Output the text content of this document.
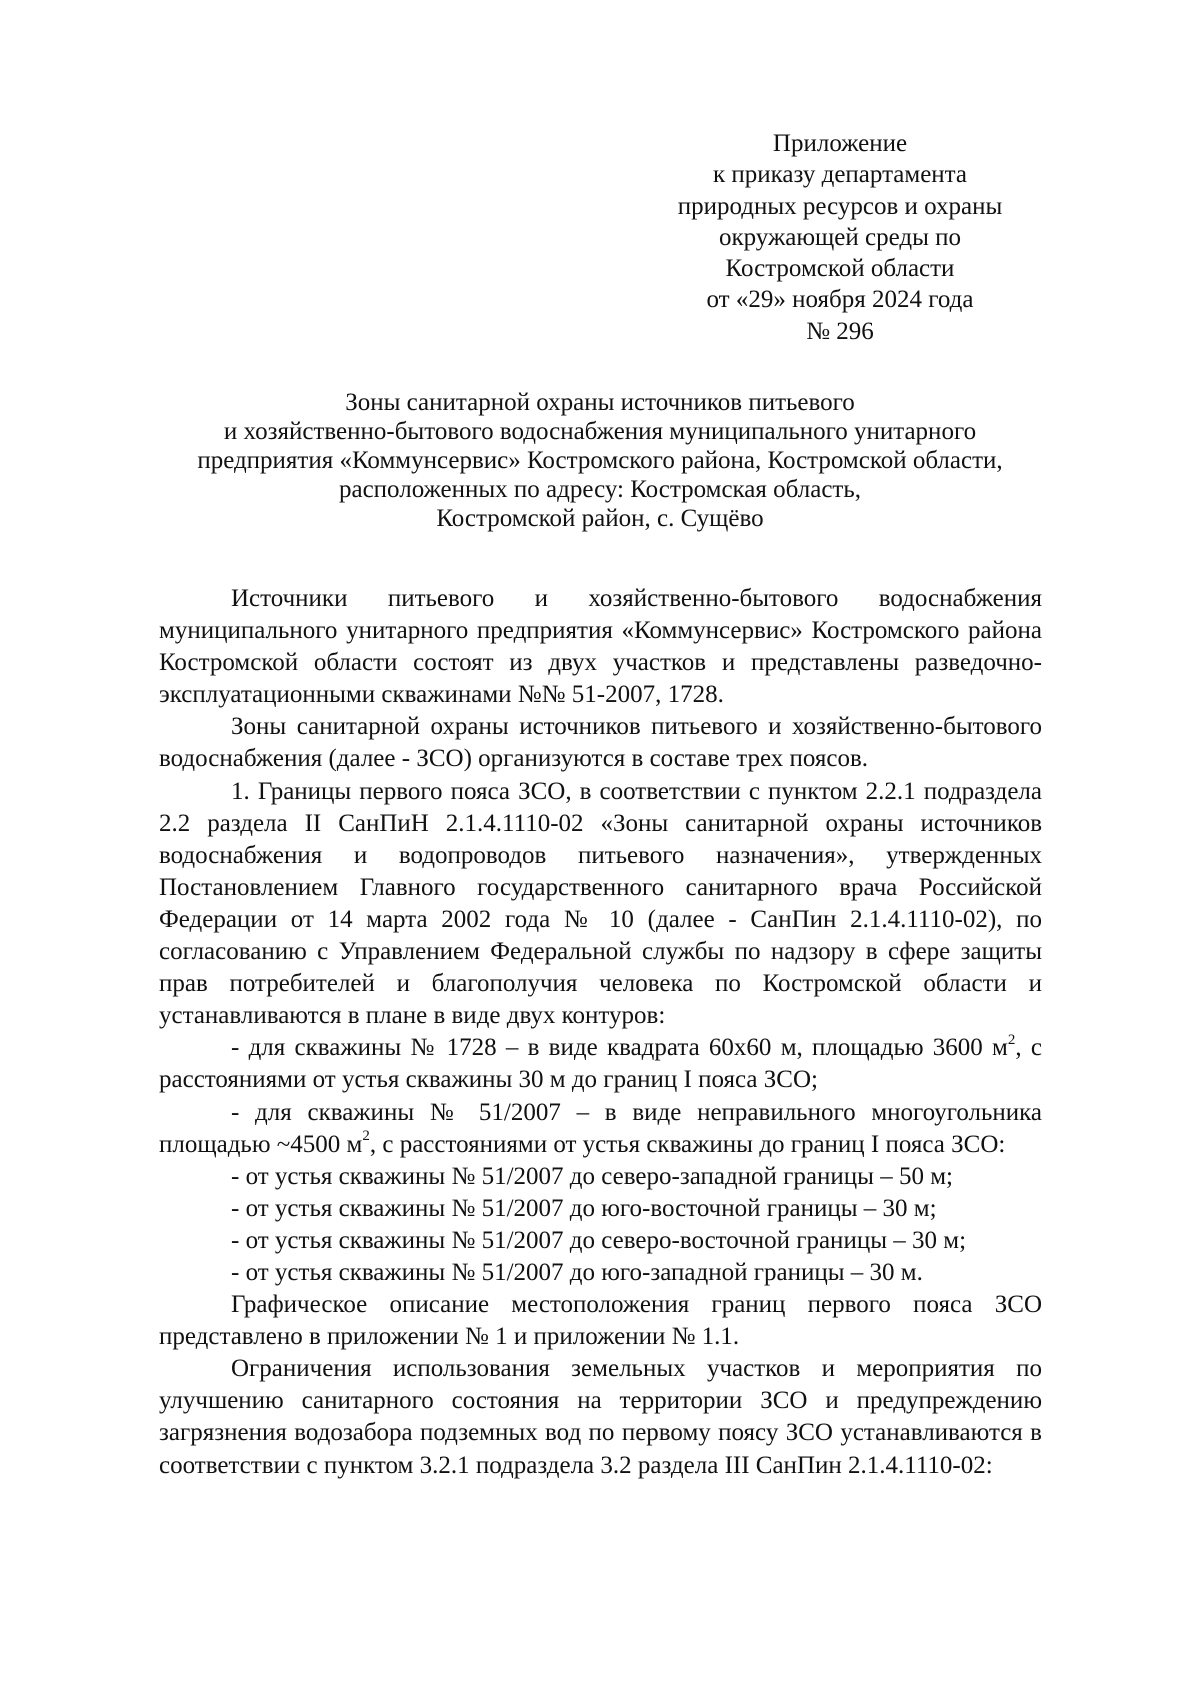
Приложение
к приказу департамента
природных ресурсов и охраны
окружающей среды по
Костромской области
от «29» ноября 2024 года
№ 296
Зоны санитарной охраны источников питьевого
и хозяйственно-бытового водоснабжения муниципального унитарного
предприятия «Коммунсервис» Костромского района, Костромской области,
расположенных по адресу: Костромская область,
Костромской район, с. Сущёво

Источники питьевого и хозяйственно-бытового водоснабжения муниципального унитарного предприятия «Коммунсервис» Костромского района Костромской области состоят из двух участков и представлены разведочно-эксплуатационными скважинами №№ 51-2007, 1728.

Зоны санитарной охраны источников питьевого и хозяйственно-бытового водоснабжения (далее - ЗСО) организуются в составе трех поясов.

1. Границы первого пояса ЗСО, в соответствии с пунктом 2.2.1 подраздела 2.2 раздела II СанПиН 2.1.4.1110-02 «Зоны санитарной охраны источников водоснабжения и водопроводов питьевого назначения», утвержденных Постановлением Главного государственного санитарного врача Российской Федерации от 14 марта 2002 года № 10 (далее - СанПин 2.1.4.1110-02), по согласованию с Управлением Федеральной службы по надзору в сфере защиты прав потребителей и благополучия человека по Костромской области и устанавливаются в плане в виде двух контуров:

- для скважины № 1728 – в виде квадрата 60х60 м, площадью 3600 $м^2$, с расстояниями от устья скважины 30 м до границ I пояса ЗСО;

- для скважины № 51/2007 – в виде неправильного многоугольника площадью ~4500 $м^2$, с расстояниями от устья скважины до границ I пояса ЗСО:

- от устья скважины № 51/2007 до северо-западной границы – 50 м;

- от устья скважины № 51/2007 до юго-восточной границы – 30 м;

- от устья скважины № 51/2007 до северо-восточной границы – 30 м;

- от устья скважины № 51/2007 до юго-западной границы – 30 м.

Графическое описание местоположения границ первого пояса ЗСО представлено в приложении № 1 и приложении № 1.1.

Ограничения использования земельных участков и мероприятия по улучшению санитарного состояния на территории ЗСО и предупреждению загрязнения водозабора подземных вод по первому поясу ЗСО устанавливаются в соответствии с пунктом 3.2.1 подраздела 3.2 раздела III СанПин 2.1.4.1110-02:
